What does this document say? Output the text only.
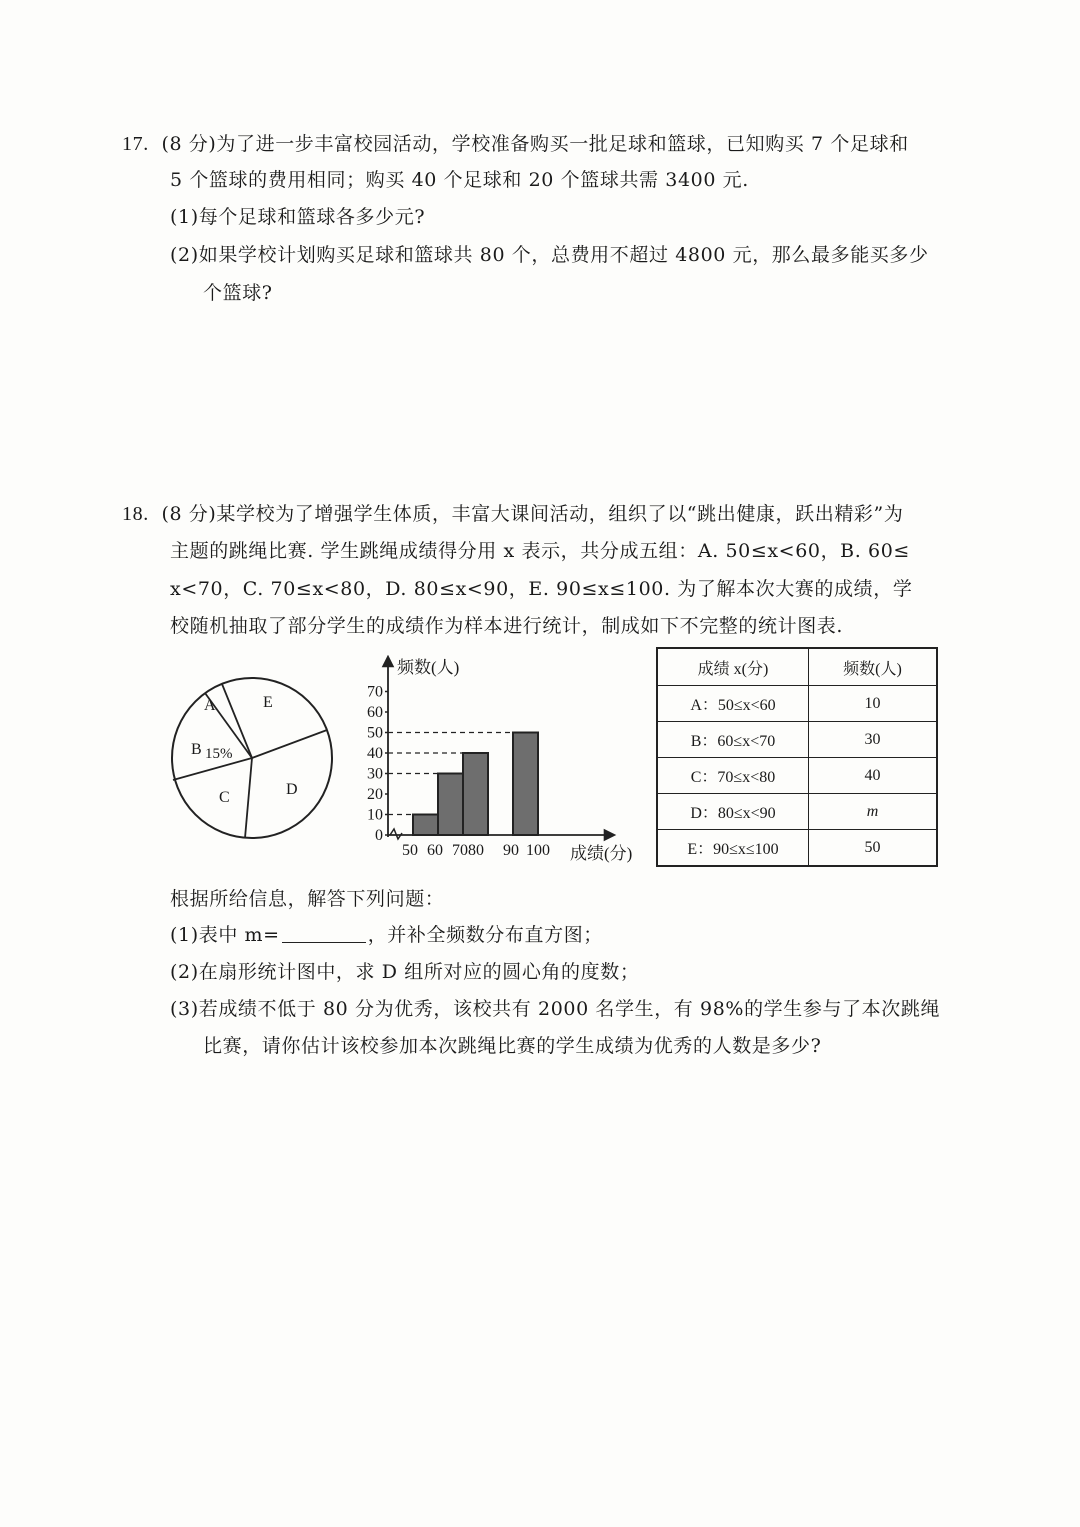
17. (8 分)为了进一步丰富校园活动，学校准备购买一批足球和篮球，已知购买 7 个足球和
5 个篮球的费用相同；购买 40 个足球和 20 个篮球共需 3400 元.
(1)每个足球和篮球各多少元?
(2)如果学校计划购买足球和篮球共 80 个，总费用不超过 4800 元，那么最多能买多少
个篮球?
18. (8 分)某学校为了增强学生体质，丰富大课间活动，组织了以“跳出健康，跃出精彩”为
主题的跳绳比赛. 学生跳绳成绩得分用 x 表示，共分成五组：A. 50≤x<60，B. 60≤
x<70，C. 70≤x<80，D. 80≤x<90，E. 90≤x≤100. 为了解本次大赛的成绩，学
校随机抽取了部分学生的成绩作为样本进行统计，制成如下不完整的统计图表.
A	E
B 15%
C	D
0
10
20
30
40
50
60
70
50 60 7080 90 100
频数(人)
成绩(分)
成绩 x(分)	频数(人)
A：50≤x<60	10
B：60≤x<70	30
C：70≤x<80	40
D：80≤x<90	m
E：90≤x≤100	50
根据所给信息，解答下列问题：
(1)表中 m=	，并补全频数分布直方图；
(2)在扇形统计图中，求 D 组所对应的圆心角的度数；
(3)若成绩不低于 80 分为优秀，该校共有 2000 名学生，有 98%的学生参与了本次跳绳
比赛，请你估计该校参加本次跳绳比赛的学生成绩为优秀的人数是多少?
